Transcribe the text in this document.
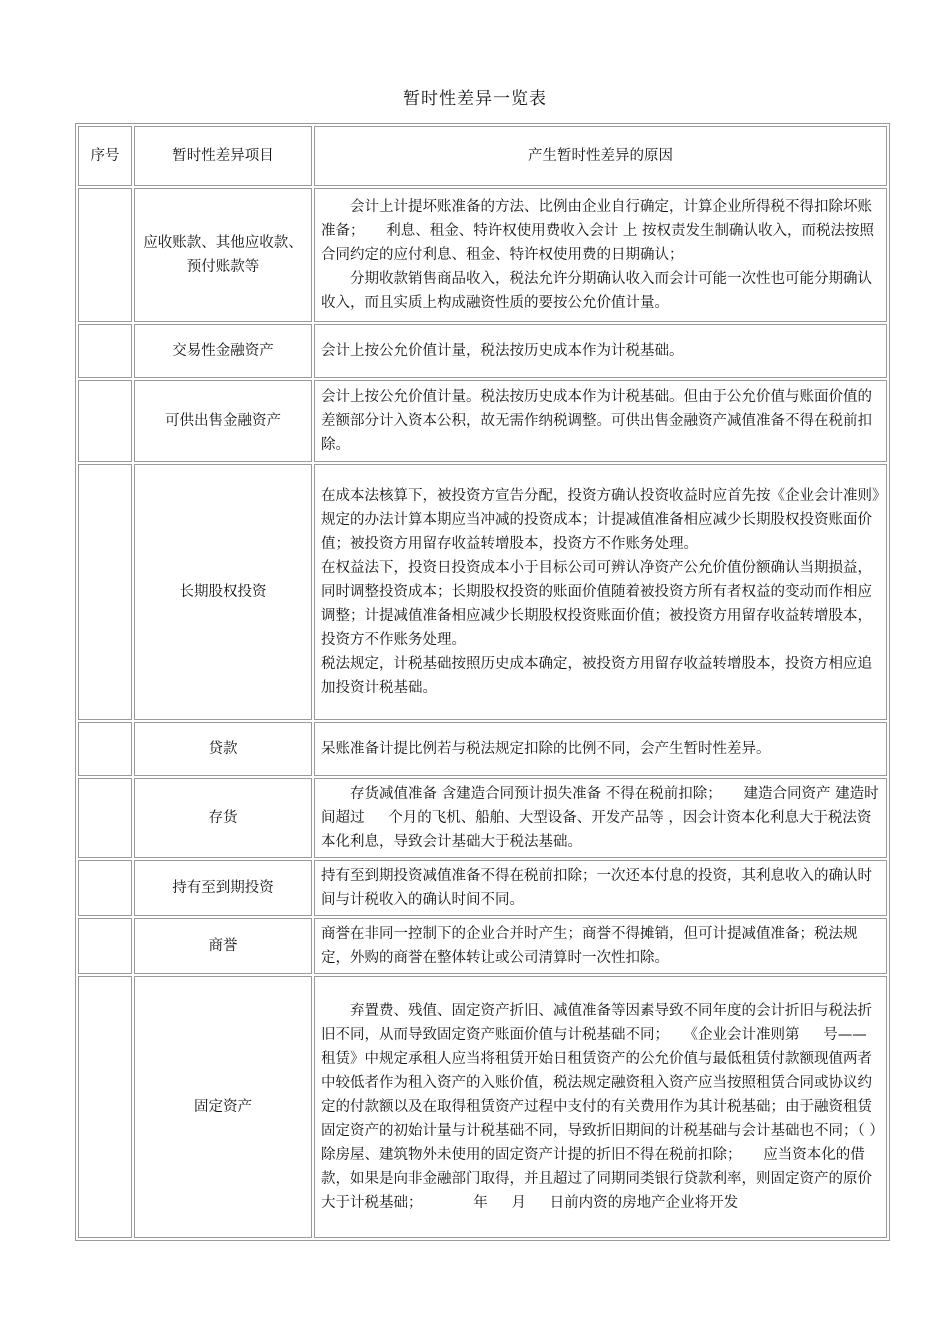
暂时性差异一览表
序号	暂时性差异项目	产生暂时性差异的原因
	应收账款、其他应收款、预付账款等	会计上计提坏账准备的方法、比例由企业自行确定，计算企业所得税不得扣除坏账准备；　　利息、租金、特许权使用费收入会计 上 按权责发生制确认收入，而税法按照合同约定的应付利息、租金、特许权使用费的日期确认；

分期收款销售商品收入，税法允许分期确认收入而会计可能一次性也可能分期确认收入，而且实质上构成融资性质的要按公允价值计量。

	交易性金融资产	会计上按公允价值计量，税法按历史成本作为计税基础。

	可供出售金融资产	会计上按公允价值计量。税法按历史成本作为计税基础。但由于公允价值与账面价值的差额部分计入资本公积，故无需作纳税调整。可供出售金融资产减值准备不得在税前扣除。

	长期股权投资	在成本法核算下，被投资方宣告分配，投资方确认投资收益时应首先按《企业会计准则》规定的办法计算本期应当冲减的投资成本；计提减值准备相应减少长期股权投资账面价值；被投资方用留存收益转增股本，投资方不作账务处理。

在权益法下，投资日投资成本小于目标公司可辨认净资产公允价值份额确认当期损益，同时调整投资成本；长期股权投资的账面价值随着被投资方所有者权益的变动而作相应调整；计提减值准备相应减少长期股权投资账面价值；被投资方用留存收益转增股本，投资方不作账务处理。

税法规定，计税基础按照历史成本确定，被投资方用留存收益转增股本，投资方相应追加投资计税基础。

	贷款	呆账准备计提比例若与税法规定扣除的比例不同，会产生暂时性差异。

	存货	存货减值准备 含建造合同预计损失准备 不得在税前扣除；　　建造合同资产 建造时间超过 　 个月的飞机、船舶、大型设备、开发产品等 ，因会计资本化利息大于税法资本化利息，导致会计基础大于税法基础。

	持有至到期投资	持有至到期投资减值准备不得在税前扣除；一次还本付息的投资，其利息收入的确认时间与计税收入的确认时间不同。

	商誉	商誉在非同一控制下的企业合并时产生；商誉不得摊销，但可计提减值准备；税法规定，外购的商誉在整体转让或公司清算时一次性扣除。

	固定资产	弃置费、残值、固定资产折旧、减值准备等因素导致不同年度的会计折旧与税法折旧不同，从而导致固定资产账面价值与计税基础不同；　　《企业会计准则第 　 号——租赁》中规定承租人应当将租赁开始日租赁资产的公允价值与最低租赁付款额现值两者中较低者作为租入资产的入账价值，税法规定融资租入资产应当按照租赁合同或协议约定的付款额以及在取得租赁资产过程中支付的有关费用作为其计税基础；由于融资租赁固定资产的初始计量与计税基础不同，导致折旧期间的计税基础与会计基础也不同；（ ）除房屋、建筑物外未使用的固定资产计提的折旧不得在税前扣除；　　应当资本化的借款，如果是向非金融部门取得，并且超过了同期同类银行贷款利率，则固定资产的原价大于计税基础；　　　　年 　 月 　 日前内资的房地产企业将开发
